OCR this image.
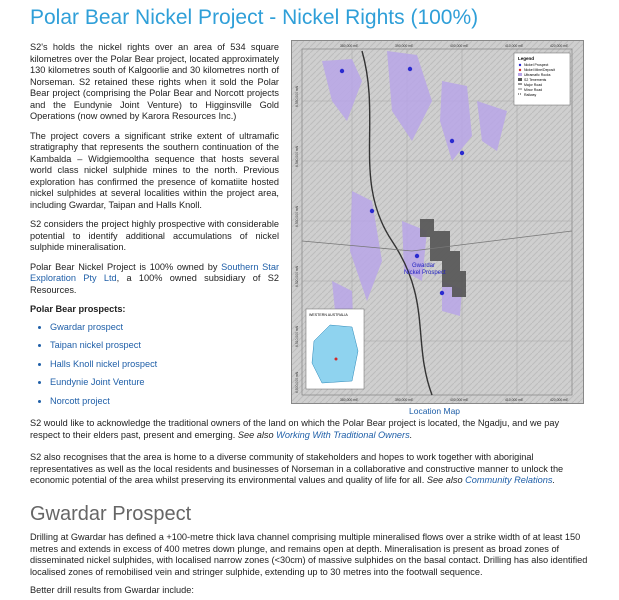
Polar Bear Nickel Project - Nickel Rights (100%)

S2's holds the nickel rights over an area of 534 square kilometres over the Polar Bear project, located approximately 130 kilometres south of Kalgoorlie and 30 kilometres north of Norseman. S2 retained these rights when it sold the Polar Bear project (comprising the Polar Bear and Norcott projects and the Eundynie Joint Venture) to Higginsville Gold Operations (now owned by Karora Resources Inc.)

The project covers a significant strike extent of ultramafic stratigraphy that represents the southern continuation of the Kambalda – Widgiemooltha sequence that hosts several world class nickel sulphide mines to the north. Previous exploration has confirmed the presence of komatiite hosted nickel sulphides at several localities within the project area, including Gwardar, Taipan and Halls Knoll.

S2 considers the project highly prospective with considerable potential to identify additional accumulations of nickel sulphide mineralisation.

Polar Bear Nickel Project is 100% owned by Southern Star Exploration Pty Ltd, a 100% owned subsidiary of S2 Resources.

Polar Bear prospects:

• Gwardar prospect
• Taipan nickel prospect
• Halls Knoll nickel prospect
• Eundynie Joint Venture
• Norcott project
Gwardar
Nickel Prospect
Legend
Nickel Prospect
Nickel Mine/Deposit
Ultramafic Rocks
S2 Tenements
Major Road
Minor Road
Railway
WESTERN AUSTRALIA
380,000 mE	390,000 mE	400,000 mE	410,000 mE	420,000 mE
380,000 mE	390,000 mE	400,000 mE	410,000 mE	420,000 mE
6,550,000 mN
6,540,000 mN
6,530,000 mN
6,520,000 mN
6,510,000 mN
6,500,000 mN
Location Map

S2 would like to acknowledge the traditional owners of the land on which the Polar Bear project is located, the Ngadju, and we pay respect to their elders past, present and emerging. See also Working With Traditional Owners.

S2 also recognises that the area is home to a diverse community of stakeholders and hopes to work together with aboriginal representatives as well as the local residents and businesses of Norseman in a collaborative and constructive manner to unlock the economic potential of the area whilst preserving its environmental values and quality of life for all. See also Community Relations.

Gwardar Prospect

Drilling at Gwardar has defined a +100-metre thick lava channel comprising multiple mineralised flows over a strike width of at least 150 metres and extends in excess of 400 metres down plunge, and remains open at depth. Mineralisation is present as broad zones of disseminated nickel sulphides, with localised narrow zones (<30cm) of massive sulphides on the basal contact. Drilling has also identified localised zones of remobilised vein and stringer sulphide, extending up to 30 metres into the footwall sequence.

Better drill results from Gwardar include:
